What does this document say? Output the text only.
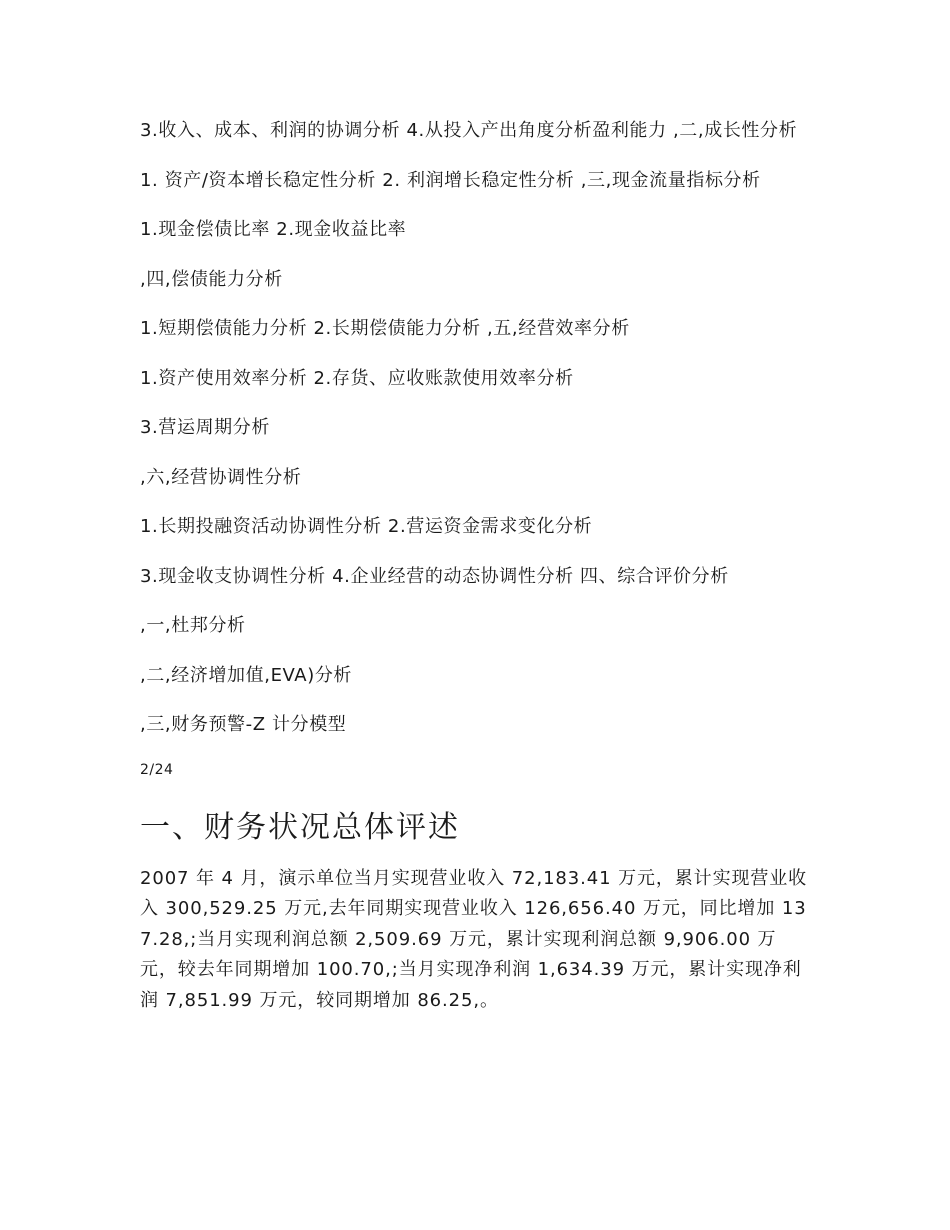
3.收入、成本、利润的协调分析 4.从投入产出角度分析盈利能力 ,二,成长性分析

1. 资产/资本增长稳定性分析 2. 利润增长稳定性分析 ,三,现金流量指标分析

1.现金偿债比率 2.现金收益比率

,四,偿债能力分析

1.短期偿债能力分析 2.长期偿债能力分析 ,五,经营效率分析

1.资产使用效率分析 2.存货、应收账款使用效率分析

3.营运周期分析

,六,经营协调性分析

1.长期投融资活动协调性分析 2.营运资金需求变化分析

3.现金收支协调性分析 4.企业经营的动态协调性分析 四、综合评价分析

,一,杜邦分析

,二,经济增加值,EVA)分析

,三,财务预警-Z 计分模型

2/24
一、财务状况总体评述

2007 年 4 月，演示单位当月实现营业收入 72,183.41 万元，累计实现营业收入 300,529.25 万元,去年同期实现营业收入 126,656.40 万元，同比增加 137.28,;当月实现利润总额 2,509.69 万元，累计实现利润总额 9,906.00 万元，较去年同期增加 100.70,;当月实现净利润 1,634.39 万元，累计实现净利润 7,851.99 万元，较同期增加 86.25,。
